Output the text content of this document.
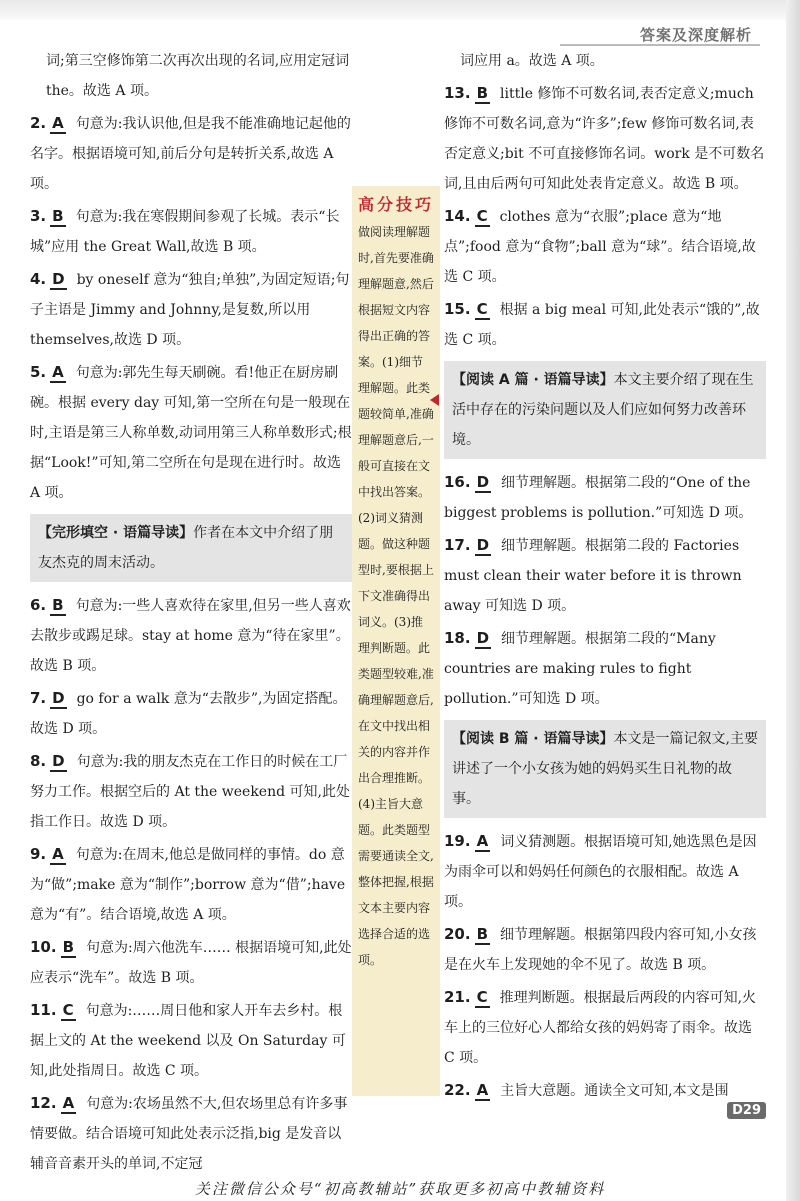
答案及深度解析
词;第三空修饰第二次再次出现的名词,应用定冠词 the。故选 A 项。
2. A 句意为:我认识他,但是我不能准确地记起他的名字。根据语境可知,前后分句是转折关系,故选 A 项。
3. B 句意为:我在寒假期间参观了长城。表示“长城”应用 the Great Wall,故选 B 项。
4. D by oneself 意为“独自;单独”,为固定短语;句子主语是 Jimmy and Johnny,是复数,所以用 themselves,故选 D 项。
5. A 句意为:郭先生每天刷碗。看!他正在厨房刷碗。根据 every day 可知,第一空所在句是一般现在时,主语是第三人称单数,动词用第三人称单数形式;根据“Look!”可知,第二空所在句是现在进行时。故选 A 项。
【完形填空 · 语篇导读】作者在本文中介绍了朋友杰克的周末活动。
6. B 句意为:一些人喜欢待在家里,但另一些人喜欢去散步或踢足球。stay at home 意为“待在家里”。故选 B 项。
7. D go for a walk 意为“去散步”,为固定搭配。故选 D 项。
8. D 句意为:我的朋友杰克在工作日的时候在工厂努力工作。根据空后的 At the weekend 可知,此处指工作日。故选 D 项。
9. A 句意为:在周末,他总是做同样的事情。do 意为“做”;make 意为“制作”;borrow 意为“借”;have 意为“有”。结合语境,故选 A 项。
10. B 句意为:周六他洗车…… 根据语境可知,此处应表示“洗车”。故选 B 项。
11. C 句意为:……周日他和家人开车去乡村。根据上文的 At the weekend 以及 On Saturday 可知,此处指周日。故选 C 项。
12. A 句意为:农场虽然不大,但农场里总有许多事情要做。结合语境可知此处表示泛指,big 是发音以辅音音素开头的单词,不定冠
高分技巧
做阅读理解题时,首先要准确理解题意,然后根据短文内容得出正确的答案。(1)细节理解题。此类题较简单,准确理解题意后,一般可直接在文中找出答案。(2)词义猜测题。做这种题型时,要根据上下文准确得出词义。(3)推理判断题。此类题型较难,准确理解题意后,在文中找出相关的内容并作出合理推断。(4)主旨大意题。此类题型需要通读全文,整体把握,根据文本主要内容选择合适的选项。
词应用 a。故选 A 项。
13. B little 修饰不可数名词,表否定意义;much 修饰不可数名词,意为“许多”;few 修饰可数名词,表否定意义;bit 不可直接修饰名词。work 是不可数名词,且由后两句可知此处表肯定意义。故选 B 项。
14. C clothes 意为“衣服”;place 意为“地点”;food 意为“食物”;ball 意为“球”。结合语境,故选 C 项。
15. C 根据 a big meal 可知,此处表示“饿的”,故选 C 项。
【阅读 A 篇 · 语篇导读】本文主要介绍了现在生活中存在的污染问题以及人们应如何努力改善环境。
16. D 细节理解题。根据第二段的“One of the biggest problems is pollution.”可知选 D 项。
17. D 细节理解题。根据第二段的 Factories must clean their water before it is thrown away 可知选 D 项。
18. D 细节理解题。根据第二段的“Many countries are making rules to fight pollution.”可知选 D 项。
【阅读 B 篇 · 语篇导读】本文是一篇记叙文,主要讲述了一个小女孩为她的妈妈买生日礼物的故事。
19. A 词义猜测题。根据语境可知,她选黑色是因为雨伞可以和妈妈任何颜色的衣服相配。故选 A 项。
20. B 细节理解题。根据第四段内容可知,小女孩是在火车上发现她的伞不见了。故选 B 项。
21. C 推理判断题。根据最后两段的内容可知,火车上的三位好心人都给女孩的妈妈寄了雨伞。故选 C 项。
22. A 主旨大意题。通读全文可知,本文是围
D29
关注微信公众号“初高教辅站”获取更多初高中教辅资料
